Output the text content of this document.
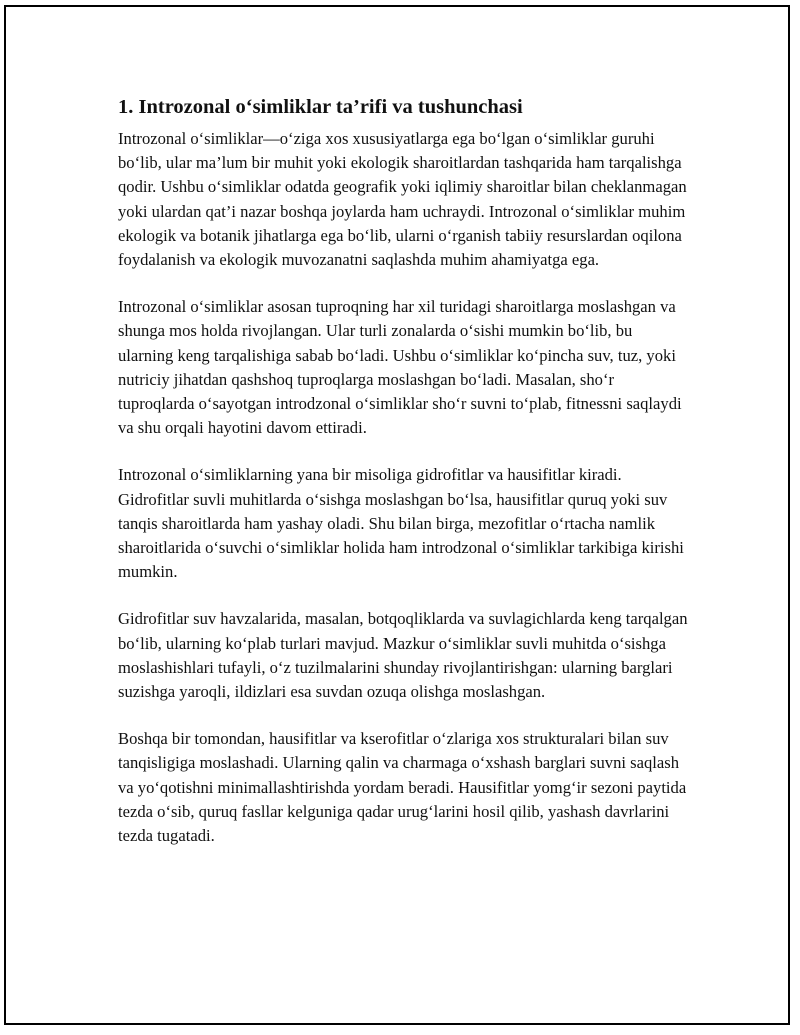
1. Introzonal o‘simliklar ta’rifi va tushunchasi

Introzonal o‘simliklar—o‘ziga xos xususiyatlarga ega bo‘lgan o‘simliklar guruhi bo‘lib, ular ma’lum bir muhit yoki ekologik sharoitlardan tashqarida ham tarqalishga qodir. Ushbu o‘simliklar odatda geografik yoki iqlimiy sharoitlar bilan cheklanmagan yoki ulardan qat’i nazar boshqa joylarda ham uchraydi. Introzonal o‘simliklar muhim ekologik va botanik jihatlarga ega bo‘lib, ularni o‘rganish tabiiy resurslardan oqilona foydalanish va ekologik muvozanatni saqlashda muhim ahamiyatga ega.

Introzonal o‘simliklar asosan tuproqning har xil turidagi sharoitlarga moslashgan va shunga mos holda rivojlangan. Ular turli zonalarda o‘sishi mumkin bo‘lib, bu ularning keng tarqalishiga sabab bo‘ladi. Ushbu o‘simliklar ko‘pincha suv, tuz, yoki nutriciy jihatdan qashshoq tuproqlarga moslashgan bo‘ladi. Masalan, sho‘r tuproqlarda o‘sayotgan introdzonal o‘simliklar sho‘r suvni to‘plab, fitnessni saqlaydi va shu orqali hayotini davom ettiradi.

Introzonal o‘simliklarning yana bir misoliga gidrofitlar va hausifitlar kiradi. Gidrofitlar suvli muhitlarda o‘sishga moslashgan bo‘lsa, hausifitlar quruq yoki suv tanqis sharoitlarda ham yashay oladi. Shu bilan birga, mezofitlar o‘rtacha namlik sharoitlarida o‘suvchi o‘simliklar holida ham introdzonal o‘simliklar tarkibiga kirishi mumkin.

Gidrofitlar suv havzalarida, masalan, botqoqliklarda va suvlagichlarda keng tarqalgan bo‘lib, ularning ko‘plab turlari mavjud. Mazkur o‘simliklar suvli muhitda o‘sishga moslashishlari tufayli, o‘z tuzilmalarini shunday rivojlantirishgan: ularning barglari suzishga yaroqli, ildizlari esa suvdan ozuqa olishga moslashgan.

Boshqa bir tomondan, hausifitlar va kserofitlar o‘zlariga xos strukturalari bilan suv tanqisligiga moslashadi. Ularning qalin va charmaga o‘xshash barglari suvni saqlash va yo‘qotishni minimallashtirishda yordam beradi. Hausifitlar yomg‘ir sezoni paytida tezda o‘sib, quruq fasllar kelguniga qadar urug‘larini hosil qilib, yashash davrlarini tezda tugatadi.
